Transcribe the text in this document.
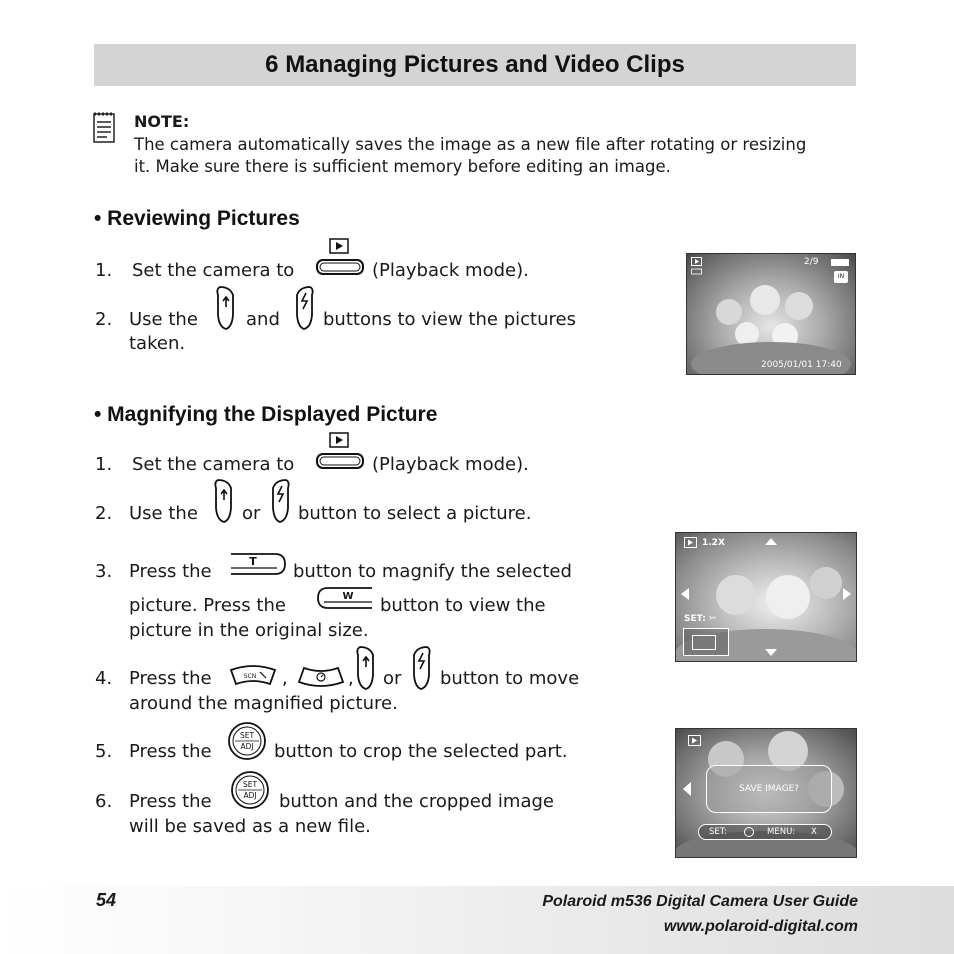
6 Managing Pictures and Video Clips
NOTE:
The camera automatically saves the image as a new file after rotating or resizing
it. Make sure there is sufficient memory before editing an image.
• Reviewing Pictures
1. Set the camera to	(Playback mode).
2. Use the	and buttons to view the pictures
taken.
2/9
IN
2005/01/01 17:40
• Magnifying the Displayed Picture
1. Set the camera to	(Playback mode).
2. Use the or button to select a picture.
3. Press the	T button to magnify the selected
picture. Press the	W button to view the
picture in the original size.
4. Press the	SCN ,	, or button to move
around the magnified picture.
5. Press the
SET
ADJ button to crop the selected part.
6. Press the
SET
ADJ button and the cropped image
will be saved as a new file.
1.2X
SET: ✂
SAVE IMAGE?
SET:	MENU: X
54	Polaroid m536 Digital Camera User Guide
www.polaroid-digital.com
